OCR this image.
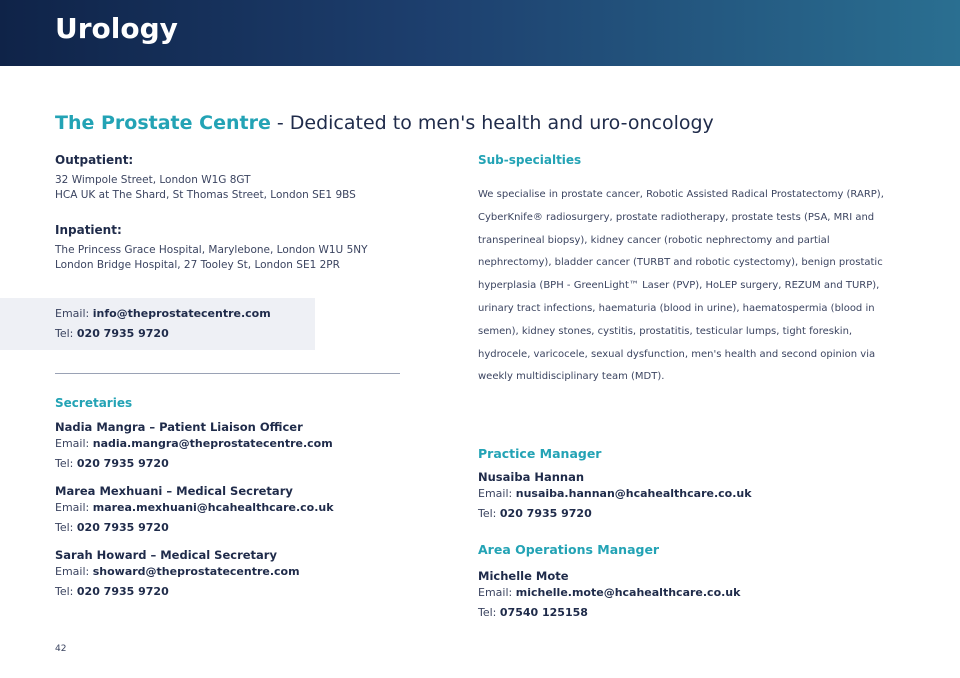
Urology
The Prostate Centre - Dedicated to men's health and uro-oncology

Outpatient:

32 Wimpole Street, London W1G 8GT

HCA UK at The Shard, St Thomas Street, London SE1 9BS

Inpatient:

The Princess Grace Hospital, Marylebone, London W1U 5NY

London Bridge Hospital, 27 Tooley St, London SE1 2PR

Email: info@theprostatecentre.com

Tel: 020 7935 9720

Secretaries

Nadia Mangra – Patient Liaison Officer

Email: nadia.mangra@theprostatecentre.com

Tel: 020 7935 9720

Marea Mexhuani – Medical Secretary

Email: marea.mexhuani@hcahealthcare.co.uk

Tel: 020 7935 9720

Sarah Howard – Medical Secretary

Email: showard@theprostatecentre.com

Tel: 020 7935 9720

Sub-specialties

We specialise in prostate cancer, Robotic Assisted Radical Prostatectomy (RARP), CyberKnife® radiosurgery, prostate radiotherapy, prostate tests (PSA, MRI and transperineal biopsy), kidney cancer (robotic nephrectomy and partial nephrectomy), bladder cancer (TURBT and robotic cystectomy), benign prostatic hyperplasia (BPH - GreenLight™ Laser (PVP), HoLEP surgery, REZUM and TURP), urinary tract infections, haematuria (blood in urine), haematospermia (blood in semen), kidney stones, cystitis, prostatitis, testicular lumps, tight foreskin, hydrocele, varicocele, sexual dysfunction, men's health and second opinion via weekly multidisciplinary team (MDT).

Practice Manager

Nusaiba Hannan

Email: nusaiba.hannan@hcahealthcare.co.uk

Tel: 020 7935 9720

Area Operations Manager

Michelle Mote

Email: michelle.mote@hcahealthcare.co.uk

Tel: 07540 125158

42
